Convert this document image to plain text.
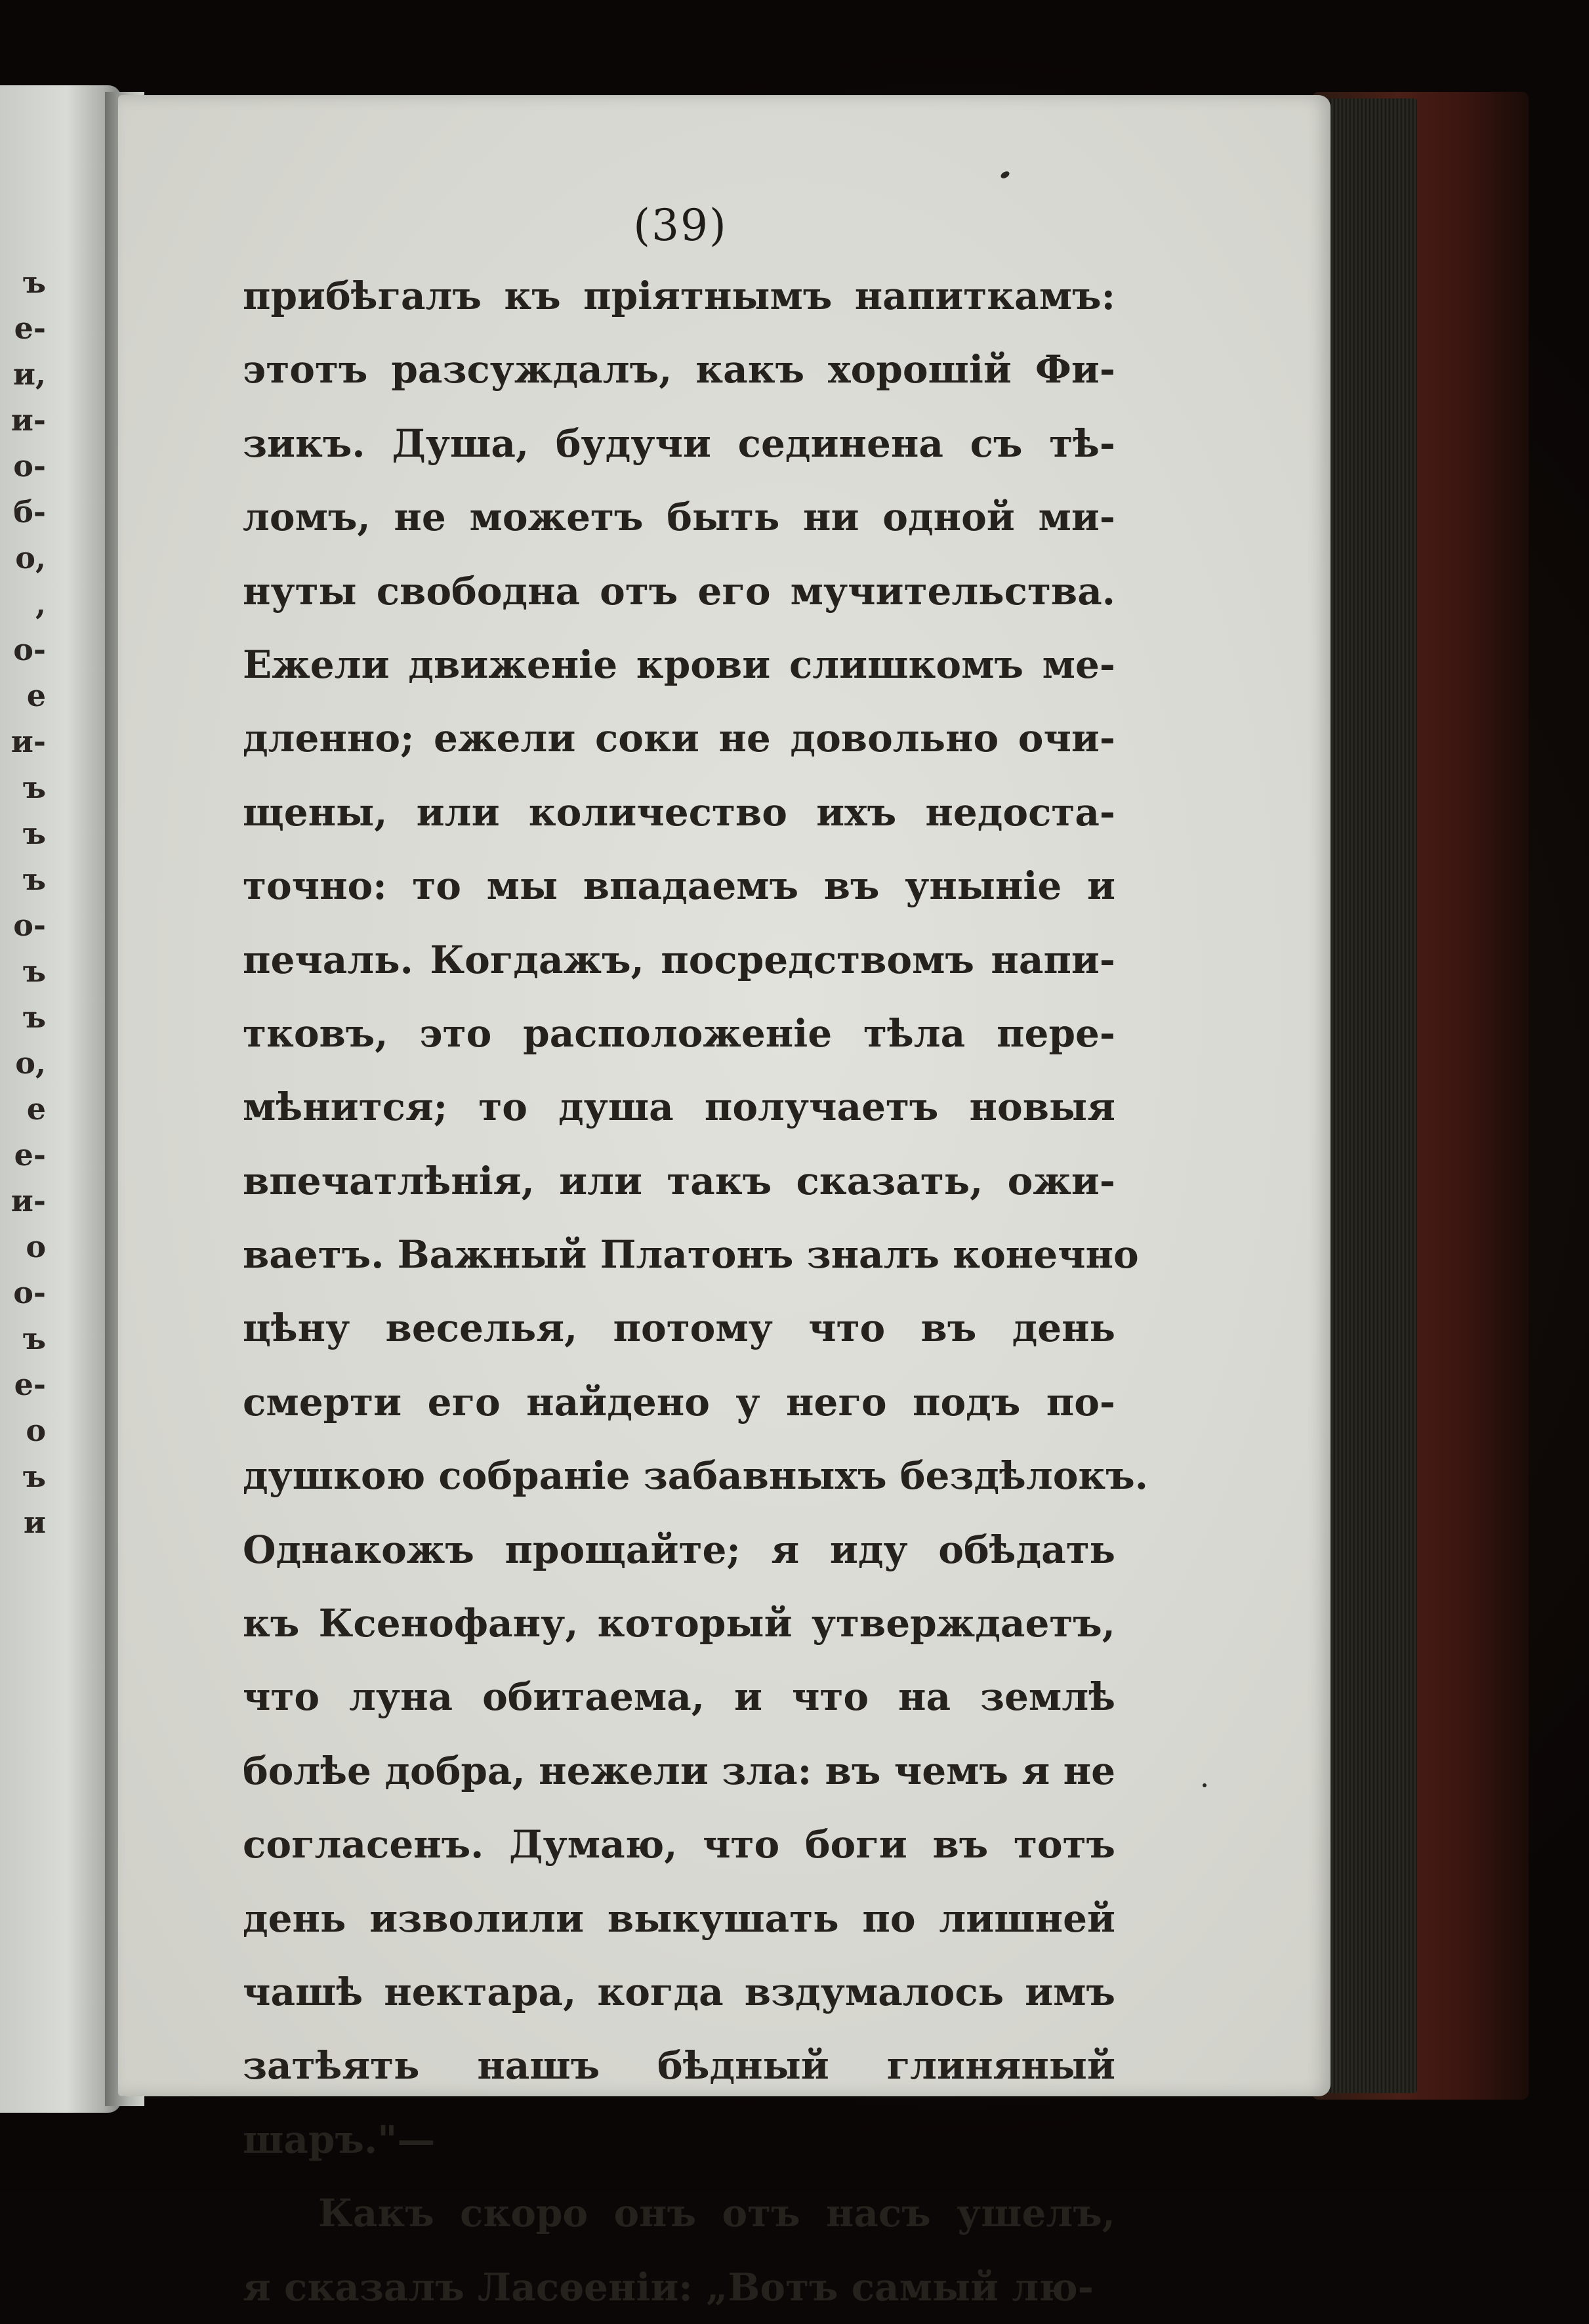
ъ
е-
и,
и-
о-
б-
о,
,
о-
е
и-
ъ
ъ
ъ
о-
ъ
ъ
о,
е
е-
и-
о
о-
ъ
е-
о
ъ
и
(39)
прибѣгалъ къ пріятнымъ напиткамъ:
этотъ разсуждалъ, какъ хорошій Фи-
зикъ. Душа, будучи сединена съ тѣ-
ломъ, не можетъ быть ни одной ми-
нуты свободна отъ его мучительства.
Ежели движеніе крови слишкомъ ме-
дленно; ежели соки не довольно очи-
щены, или количество ихъ недоста-
точно: то мы впадаемъ въ уныніе и
печаль. Когдажъ, посредствомъ напи-
тковъ, это расположеніе тѣла пере-
мѣнится; то душа получаетъ новыя
впечатлѣнія, или такъ сказать, ожи-
ваетъ. Важный Платонъ зналъ конечно
цѣну веселья, потому что въ день
смерти его найдено у него подъ по-
душкою собраніе забавныхъ бездѣлокъ.
Однакожъ прощайте; я иду обѣдать
къ Ксенофану, который утверждаетъ,
что луна обитаема, и что на землѣ
болѣе добра, нежели зла: въ чемъ я не
согласенъ. Думаю, что боги въ тотъ
день изволили выкушать по лишней
чашѣ нектара, когда вздумалось имъ
затѣять нашъ бѣдный глиняный
шаръ."—
Какъ скоро онъ отъ насъ ушелъ,
я сказалъ Ласѳеніи: „Вотъ самый лю-
